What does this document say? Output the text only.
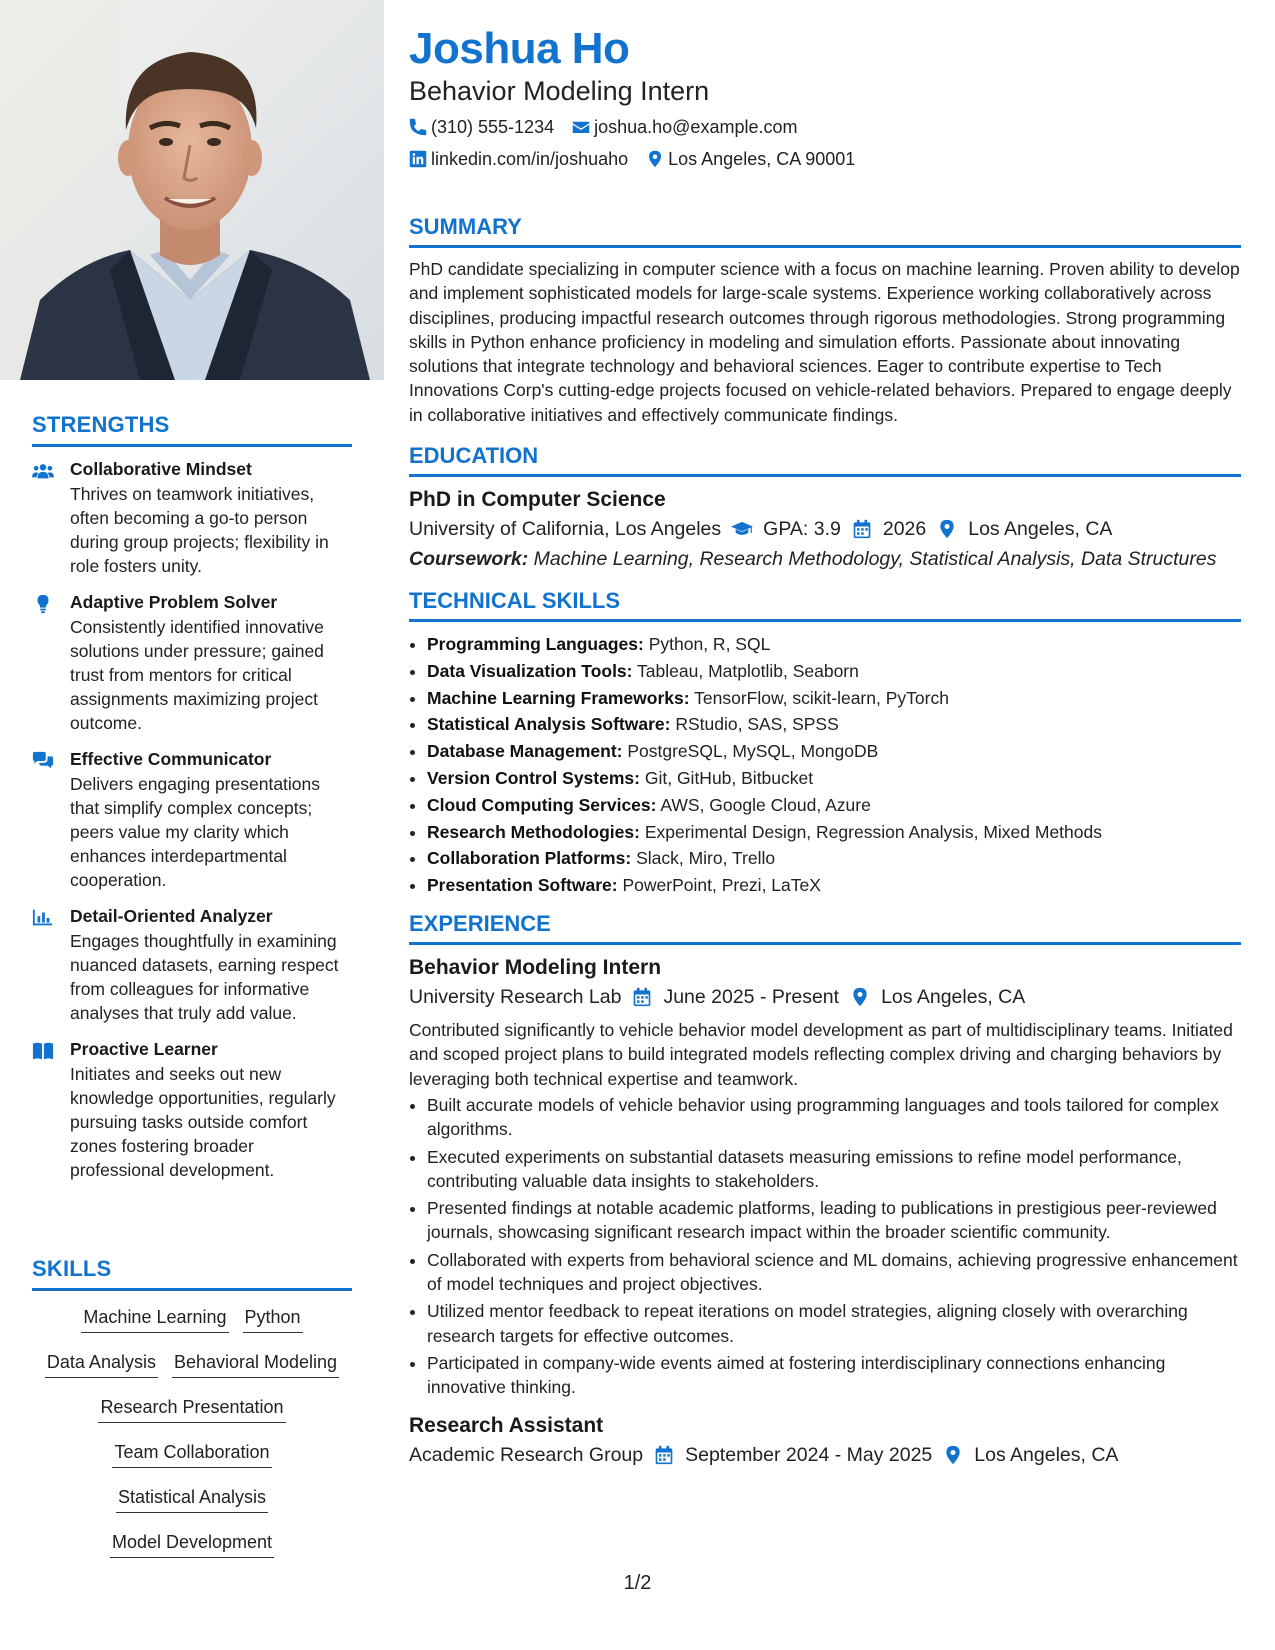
STRENGTHS
Collaborative Mindset
Thrives on teamwork initiatives, often becoming a go-to person during group projects; flexibility in role fosters unity.
Adaptive Problem Solver
Consistently identified innovative solutions under pressure; gained trust from mentors for critical assignments maximizing project outcome.
Effective Communicator
Delivers engaging presentations that simplify complex concepts; peers value my clarity which enhances interdepartmental cooperation.
Detail-Oriented Analyzer
Engages thoughtfully in examining nuanced datasets, earning respect from colleagues for informative analyses that truly add value.
Proactive Learner
Initiates and seeks out new knowledge opportunities, regularly pursuing tasks outside comfort zones fostering broader professional development.
SKILLS
Machine Learning Python
Data Analysis Behavioral Modeling
Research Presentation
Team Collaboration
Statistical Analysis
Model Development
Joshua Ho
Behavior Modeling Intern
(310) 555-1234 joshua.ho@example.com
linkedin.com/in/joshuaho Los Angeles, CA 90001
SUMMARY
PhD candidate specializing in computer science with a focus on machine learning. Proven ability to develop and implement sophisticated models for large-scale systems. Experience working collaboratively across disciplines, producing impactful research outcomes through rigorous methodologies. Strong programming skills in Python enhance proficiency in modeling and simulation efforts. Passionate about innovating solutions that integrate technology and behavioral sciences. Eager to contribute expertise to Tech Innovations Corp's cutting-edge projects focused on vehicle-related behaviors. Prepared to engage deeply in collaborative initiatives and effectively communicate findings.
EDUCATION
PhD in Computer Science
University of California, Los Angeles GPA: 3.9 2026 Los Angeles, CA
Coursework: Machine Learning, Research Methodology, Statistical Analysis, Data Structures
TECHNICAL SKILLS
• Programming Languages: Python, R, SQL
• Data Visualization Tools: Tableau, Matplotlib, Seaborn
• Machine Learning Frameworks: TensorFlow, scikit-learn, PyTorch
• Statistical Analysis Software: RStudio, SAS, SPSS
• Database Management: PostgreSQL, MySQL, MongoDB
• Version Control Systems: Git, GitHub, Bitbucket
• Cloud Computing Services: AWS, Google Cloud, Azure
• Research Methodologies: Experimental Design, Regression Analysis, Mixed Methods
• Collaboration Platforms: Slack, Miro, Trello
• Presentation Software: PowerPoint, Prezi, LaTeX
EXPERIENCE
Behavior Modeling Intern
University Research Lab June 2025 - Present Los Angeles, CA
Contributed significantly to vehicle behavior model development as part of multidisciplinary teams. Initiated and scoped project plans to build integrated models reflecting complex driving and charging behaviors by leveraging both technical expertise and teamwork.
• Built accurate models of vehicle behavior using programming languages and tools tailored for complex algorithms.
• Executed experiments on substantial datasets measuring emissions to refine model performance, contributing valuable data insights to stakeholders.
• Presented findings at notable academic platforms, leading to publications in prestigious peer-reviewed journals, showcasing significant research impact within the broader scientific community.
• Collaborated with experts from behavioral science and ML domains, achieving progressive enhancement of model techniques and project objectives.
• Utilized mentor feedback to repeat iterations on model strategies, aligning closely with overarching research targets for effective outcomes.
• Participated in company-wide events aimed at fostering interdisciplinary connections enhancing innovative thinking.
Research Assistant
Academic Research Group September 2024 - May 2025 Los Angeles, CA
1/2
